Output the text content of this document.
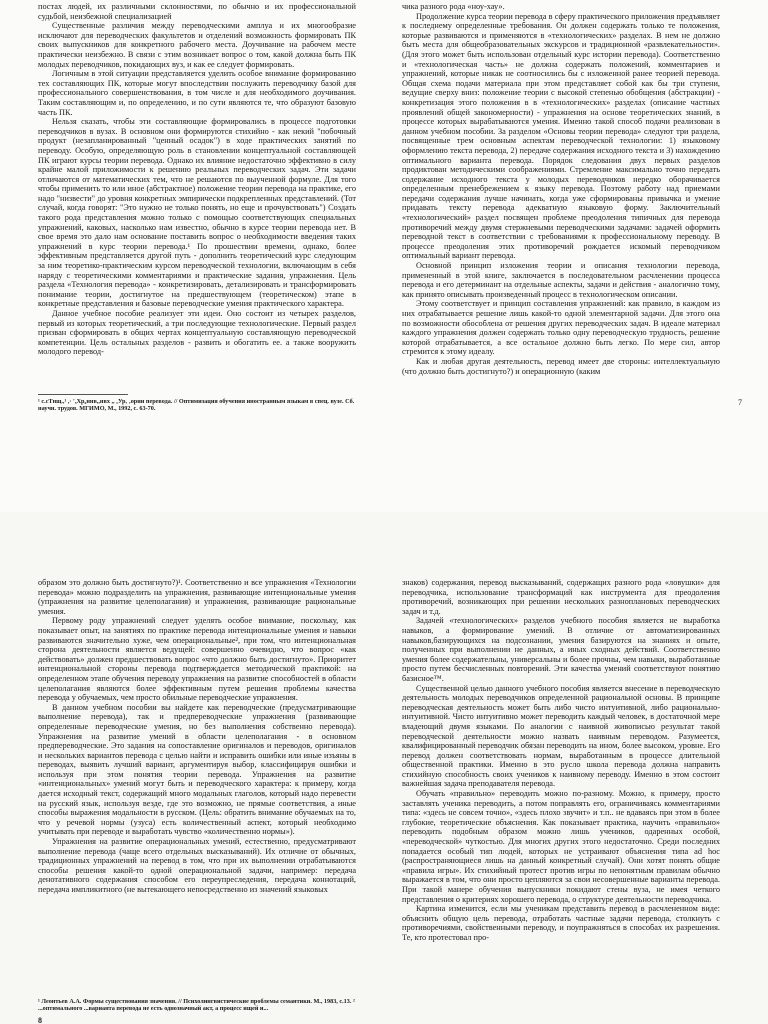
постах людей, их различными склонностями, по обычно и их профессиональной судьбой, неизбежной специализацией

Существенные различия между переводческими амплуа и их многообразие исключают для переводческих факультетов и отделений возможность формировать ПК своих выпускников для конкретного рабочего места. Доучивание на рабочем месте практически неизбежно. В связи с этим возникает вопрос о том, какой должна быть ПК молодых переводчиков, покидающих вуз, и как ее следует формировать.

Логичным в этой ситуации представляется уделить особое внимание формированию тех составляющих ПК, которые могут впоследствии послужить переводчику базой для профессионального совершенствования, в том числе и для необходимого доучивания. Таким составляющим и, по определению, и по сути являются те, что образуют базовую часть ПК.

Нельзя сказать, чтобы эти составляющие формировались в процессе подготовки переводчиков в вузах. В основном они формируются стихийно - как некий "побочный продукт (незапланированный "ценный осадок") в ходе практических занятий по переводу. Особую, определяющую роль в становлении концептуальной составляющей ПК играют курсы теории перевода. Однако их влияние недостаточно эффективно в силу крайне малой приложимости к решению реальных переводческих задач. Эти задачи отличаются от математических тем, что не решаются по выученной формуле. Для того чтобы применить то или иное (абстрактное) положение теории перевода на практике, его надо "низвести" до уровня конкретных эмпирически подкрепленных представлений. (Тот случай, когда говорят: "Это нужно не только понять, но еще и прочувствовать") Создать такого рода представления можно только с помощью соответствующих специальных упражнений, каковых, насколько нам известно, обычно в курсе теории перевода нет. В свое время это дало нам основание поставить вопрос о необходимости введения таких упражнений в курс теории перевода.¹ По прошествии времени, однако, более эффективным представляется другой путь - дополнить теоретический курс следующим за ним теоретико-практическим курсом переводческой технологии, включающим в себя наряду с теоретическими комментариями и практические задания, упражнения. Цель раздела «Технология перевода» - конкретизировать, детализировать и трансформировать понимание теории, достигнутое на предшествующем (теоретическом) этапе в конкретные представления и базовые переводческие умения практического характера.

Данное учебное пособие реализует эти идеи. Оно состоит из четырех разделов, первый из которых теоретический, а три последующие технологические. Первый раздел призван сформировать в общих чертах концептуальную составляющую переводческой компетенции. Цель остальных разделов - развить и обогатить ее. а также вооружить молодого перевод-

¹ с.сТнщ.,¹ ,· '₅Хр₆ннв,,нвх ,, ₁Ур₇ ₇ории перевода. // Оптимизация обучения иностранным языкам в спец. вузе. Сб. научн. трудов. МГИМО, М., 1992, с. 63-70.

чика разного рода «ноу-хау».

Продолжение курса теории перевода в сферу практического приложения предъявляет к последнему определенные требования. Он должен содержать только те положения, которые развиваются и применяются в «технологических» разделах. В нем не должно быть места для общеобразовательных экскурсов и традиционной «развлекательности». (Для этого может быть использован отдельный курс истории перевода). Соответственно и «технологическая часть» не должна содержать положений, комментариев и упражнений, которые никак не соотносились бы с изложенной ранее теорией перевода. Общая схема подачи материала при этом представляет собой как бы три ступени, ведущие сверху вниз: положение теории с высокой степенью обобщения (абстракции) - конкретизация этого положения в в «технологических» разделах (описание частных проявлений общей закономерности) - упражнения на основе теоретических знаний, в процессе которых вырабатываются умения. Именно такой способ подачи реализован в данном учебном пособии. За разделом «Основы теории перевода» следуют три раздела, посвященные трем основным аспектам переводческой технологии: 1) языковому оформлению текста перевода, 2) передаче содержания исходного текста и 3) нахождению оптимального варианта перевода. Порядок следования двух первых разделов продиктован методическими соображениями. Стремление максимально точно передать содержание исходного текста у молодых переводчиков нередко оборачивается определенным пренебрежением к языку перевода. Поэтому работу над приемами передачи содержания лучше начинать, когда уже сформированы привычка и умение придавать тексту перевода адекватную языковую форму. Заключительный «технологический» раздел посвящен проблеме преодоления типичных для перевода противоречий между двумя стержневыми переводческими задачами: задачей оформить переводной текст в соответствии с требованиями к профессиональному переводу. В процессе преодоления этих противоречий рождается искомый переводчиком оптимальный вариант перевода.

Основной принцип изложения теории и описания технологии перевода, примененный в этой книге, заключается в последовательном расчленении процесса перевода и его детерминант на отдельные аспекты, задачи и действия - аналогично тому, как принято описывать произведенный процесс в технологическом описании.

Этому соответствует и принцип составления упражнений: как правило, в каждом из них отрабатывается решение лишь какой-то одной элементарной задачи. Для этого она по возможности обособлена от решения других переводческих задач. В идеале материал каждого упражнения должен содержать только одну переводческую трудность, решение которой отрабатывается, а все остальное должно быть легко. По мере сил, автор стремится к этому идеалу.

Как и любая другая деятельность, перевод имеет две стороны: интеллектуальную (что должно быть достигнуто?) и операционную (каким

7

образом это должно быть достигнуто?)¹. Соответственно и все упражнения «Технологии перевода» можно подразделить на упражнения, развивающие интенциональные умения (упражнения на развитие целеполагания) и упражнения, развивающие рациональные умения.

Первому роду упражнений следует уделять особое внимание, поскольку, как показывает опыт, на занятиях по практике перевода интенциональные умения и навыки развиваются значительно хуже, чем операциональные², при том, что интенциональная сторона деятельности является ведущей: совершенно очевидно, что вопрос «как действовать» должен предшествовать вопрос «что должно быть достигнуто». Приоритет интенциональной стороны перевода подтверждается методической практикой: на определенном этапе обучения переводу упражнения на развитие способностей в области целеполагания являются более эффективным путем решения проблемы качества перевода у обучаемых, чем просто обильные переводческие упражнения.

В данном учебном пособии вы найдете как переводческие (предусматривающие выполнение перевода), так и предпереводческие упражнения (развивающие определенные переводческие умения, но без выполнения собственно перевода). Упражнения на развитие умений в области целеполагания - в основном предпереводческие. Это задания на сопоставление оригиналов и переводов, оригиналов и нескольких вариантов перевода с целью найти и исправить ошибки или иные изъяны в переводах, выявить лучший вариант, аргументируя выбор, классифицируя ошибки и используя при этом понятия теории перевода. Упражнения на развитие «интенциональных» умений могут быть и переводческого характера: к примеру, когда дается исходный текст, содержащий много модальных глаголов, который надо перевести на русский язык, используя везде, где это возможно, не прямые соответствия, а иные способы выражения модальности в русском. (Цель: обратить внимание обучаемых на то, что у речевой нормы (узуса) есть количественный аспект, который необходимо учитывать при переводе и выработать чувство «количественно нормы»).

Упражнения на развитие операциональных умений, естественно, предусматривают выполнение перевода (чаще всего отдельных высказываний). Их отличие от обычных, традиционных упражнений на перевод в том, что при их выполнении отрабатываются способы решения какой-то одной операциональной задачи, например: передача денотативного содержания способом его переупреследения, передача коннотаций, передача импликитного (не вытекающего непосредственно из значений языковых

¹ Леонтьев А.А. Формы существования значения. // Психолингвистические проблемы семантики. М., 1983, с.13. ² ...оптимального ...варианта перевода не есть однозначный акт, а процесс ищей и...

знаков) содержания, перевод высказываний, содержащих разного рода «ловушки» для переводчика, использование трансформаций как инструмента для преодоления противоречий, возникающих при решении нескольких разноплановых переводческих задач и т.д.

Задачей «технологических» разделов учебного пособия является не выработка навыков, а формирование умений. В отличие от автоматизированных навыков,базирующихся на подсознании, умения базируются на знаниях и опыте, полученных при выполнении не данных, а иных сходных действий. Соответственно умения более содержательны, универсальны и более прочны, чем навыки, выработанные просто путем бесчисленных повторений. Эти качества умений соответствуют понятию базисное™.

Существенной целью данного учебного пособия является внесение в переводческую деятельность молодых переводчиков определенной рациональной основы. В принципе переводческая деятельность может быть либо чисто интуитивной, либо рационально-интуитивной. Чисто интуитивно может переводить каждый человек, в достаточной мере владеющий двумя языками. По аналогии с наивной живописью результат такой переводческой деятельности можно назвать наивным переводом. Разумеется, квалифицированный переводчик обязан переводить на ином, более высоком, уровне. Его перевод должен соответствовать нормам, выработанным в процессе длительной общественной практики. Именно в это русло школа перевода должна направить стихийную способность своих учеников к наивному переводу. Именно в этом состоит важнейшая задача преподавателя перевода.

Обучать «правильно» переводить можно по-разному. Можно, к примеру, просто заставлять ученика переводить, а потом поправлять его, ограничиваясь комментариями типа: «здесь не совсем точно», «здесь плохо звучит» и т.п.. не вдаваясь при этом в более глубокие, теоретические объяснения. Как показывает практика, научить «правильно» переводить подобным образом можно лишь учеников, одаренных особой, «переводческой» чуткостью. Для многих других этого недостаточно. Среди последних попадается особый тип людей, которых не устраивают объяснения типа ad hoc (распространяющиеся лишь на данный конкретный случай). Они хотят понять общие «правила игры». Их стихийный протест против игры по непонятным правилам обычно выражается в том, что они просто цепляются за свои несовершенные варианты перевода. При такой манере обучения выпускники покидают стены вуза, не имея четкого представления о критериях хорошего перевода, о структуре деятельности переводчика.

Картина изменится, если мы ученикам представить перевод в расчлененном виде: объяснить общую цель перевода, отработать частные задачи перевода, столкнуть с противоречиями, свойственными переводу, и поупражняться в способах их разрешения. Те, кто протестовал про-

8
